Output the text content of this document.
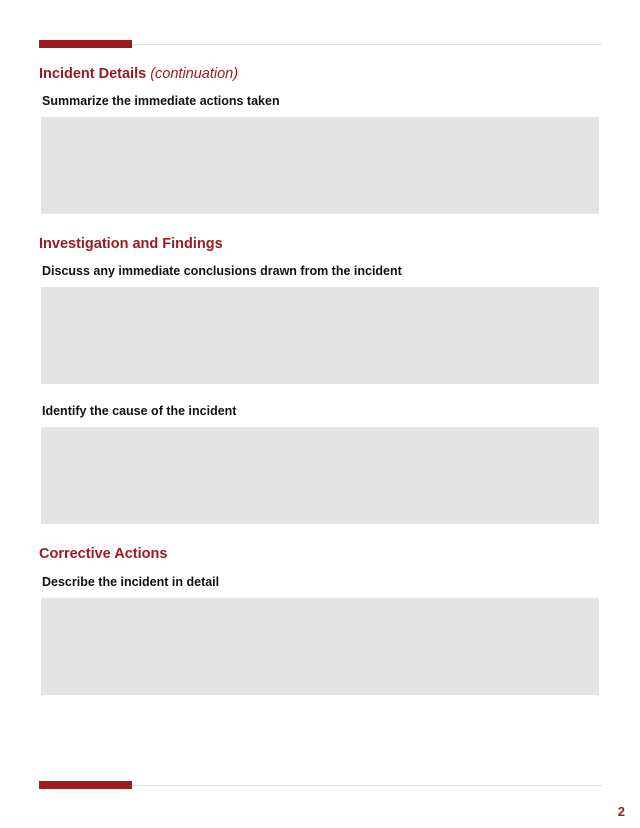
Incident Details (continuation)

Summarize the immediate actions taken

Investigation and Findings

Discuss any immediate conclusions drawn from the incident

Identify the cause of the incident

Corrective Actions

Describe the incident in detail

2
